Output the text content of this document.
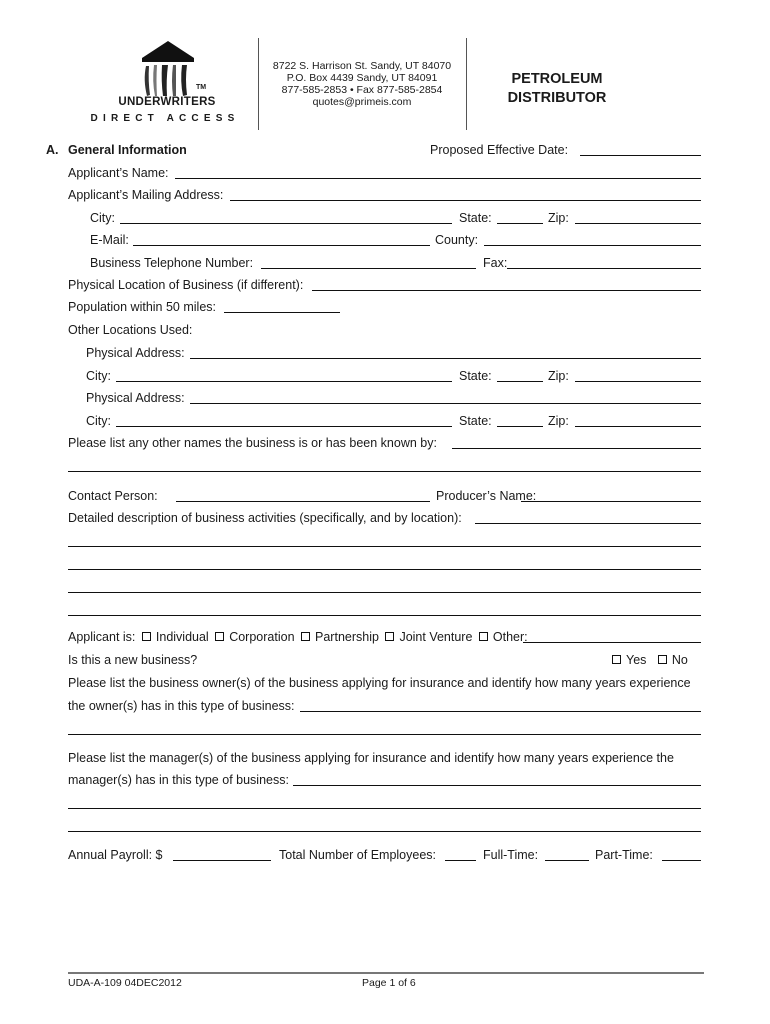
TM
UNDERWRITERS
DIRECT ACCESS
8722 S. Harrison St. Sandy, UT 84070
P.O. Box 4439 Sandy, UT 84091
877-585-2853 • Fax 877-585-2854
quotes@primeis.com
PETROLEUM
DISTRIBUTOR
A. General Information	Proposed Effective Date:
Applicant’s Name:
Applicant’s Mailing Address:
City:	State:	Zip:
E-Mail:	County:
Business Telephone Number:	Fax:
Physical Location of Business (if different):
Population within 50 miles:
Other Locations Used:
Physical Address:
City:	State:	Zip:
Physical Address:
City:	State:	Zip:
Please list any other names the business is or has been known by:
Contact Person:	Producer’s Name:
Detailed description of business activities (specifically, and by location):
Applicant is: Individual Corporation Partnership Joint Venture Other:
Is this a new business?	Yes No
Please list the business owner(s) of the business applying for insurance and identify how many years experience
the owner(s) has in this type of business:
Please list the manager(s) of the business applying for insurance and identify how many years experience the
manager(s) has in this type of business:
Annual Payroll: $	Total Number of Employees:	Full-Time:	Part-Time:
UDA-A-109 04DEC2012	Page 1 of 6
